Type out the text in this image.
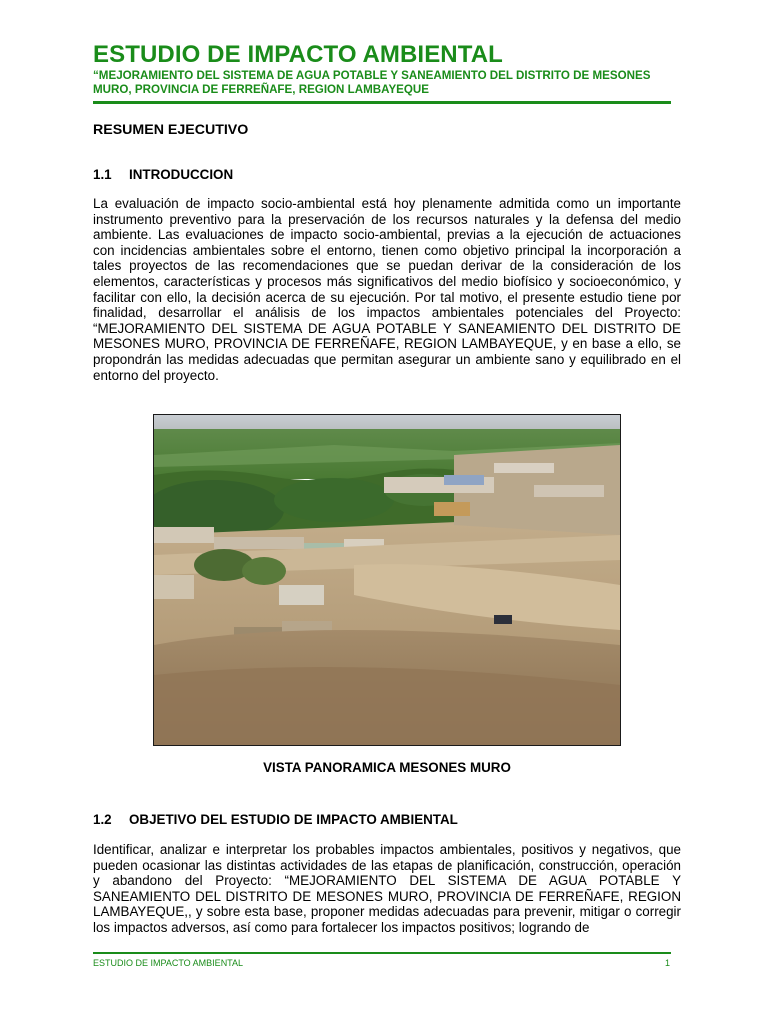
ESTUDIO DE IMPACTO AMBIENTAL
“MEJORAMIENTO DEL SISTEMA DE AGUA POTABLE Y SANEAMIENTO DEL DISTRITO DE MESONES MURO, PROVINCIA DE FERREÑAFE, REGION LAMBAYEQUE
RESUMEN EJECUTIVO
1.1 INTRODUCCION

La evaluación de impacto socio-ambiental está hoy plenamente admitida como un importante instrumento preventivo para la preservación de los recursos naturales y la defensa del medio ambiente. Las evaluaciones de impacto socio-ambiental, previas a la ejecución de actuaciones con incidencias ambientales sobre el entorno, tienen como objetivo principal la incorporación a tales proyectos de las recomendaciones que se puedan derivar de la consideración de los elementos, características y procesos más significativos del medio biofísico y socioeconómico, y facilitar con ello, la decisión acerca de su ejecución. Por tal motivo, el presente estudio tiene por finalidad, desarrollar el análisis de los impactos ambientales potenciales del Proyecto: “MEJORAMIENTO DEL SISTEMA DE AGUA POTABLE Y SANEAMIENTO DEL DISTRITO DE MESONES MURO, PROVINCIA DE FERREÑAFE, REGION LAMBAYEQUE, y en base a ello, se propondrán las medidas adecuadas que permitan asegurar un ambiente sano y equilibrado en el entorno del proyecto.

VISTA PANORAMICA MESONES MURO
1.2 OBJETIVO DEL ESTUDIO DE IMPACTO AMBIENTAL

Identificar, analizar e interpretar los probables impactos ambientales, positivos y negativos, que pueden ocasionar las distintas actividades de las etapas de planificación, construcción, operación y abandono del Proyecto: “MEJORAMIENTO DEL SISTEMA DE AGUA POTABLE Y SANEAMIENTO DEL DISTRITO DE MESONES MURO, PROVINCIA DE FERREÑAFE, REGION LAMBAYEQUE,, y sobre esta base, proponer medidas adecuadas para prevenir, mitigar o corregir los impactos adversos, así como para fortalecer los impactos positivos; logrando de

ESTUDIO DE IMPACTO AMBIENTAL	1
